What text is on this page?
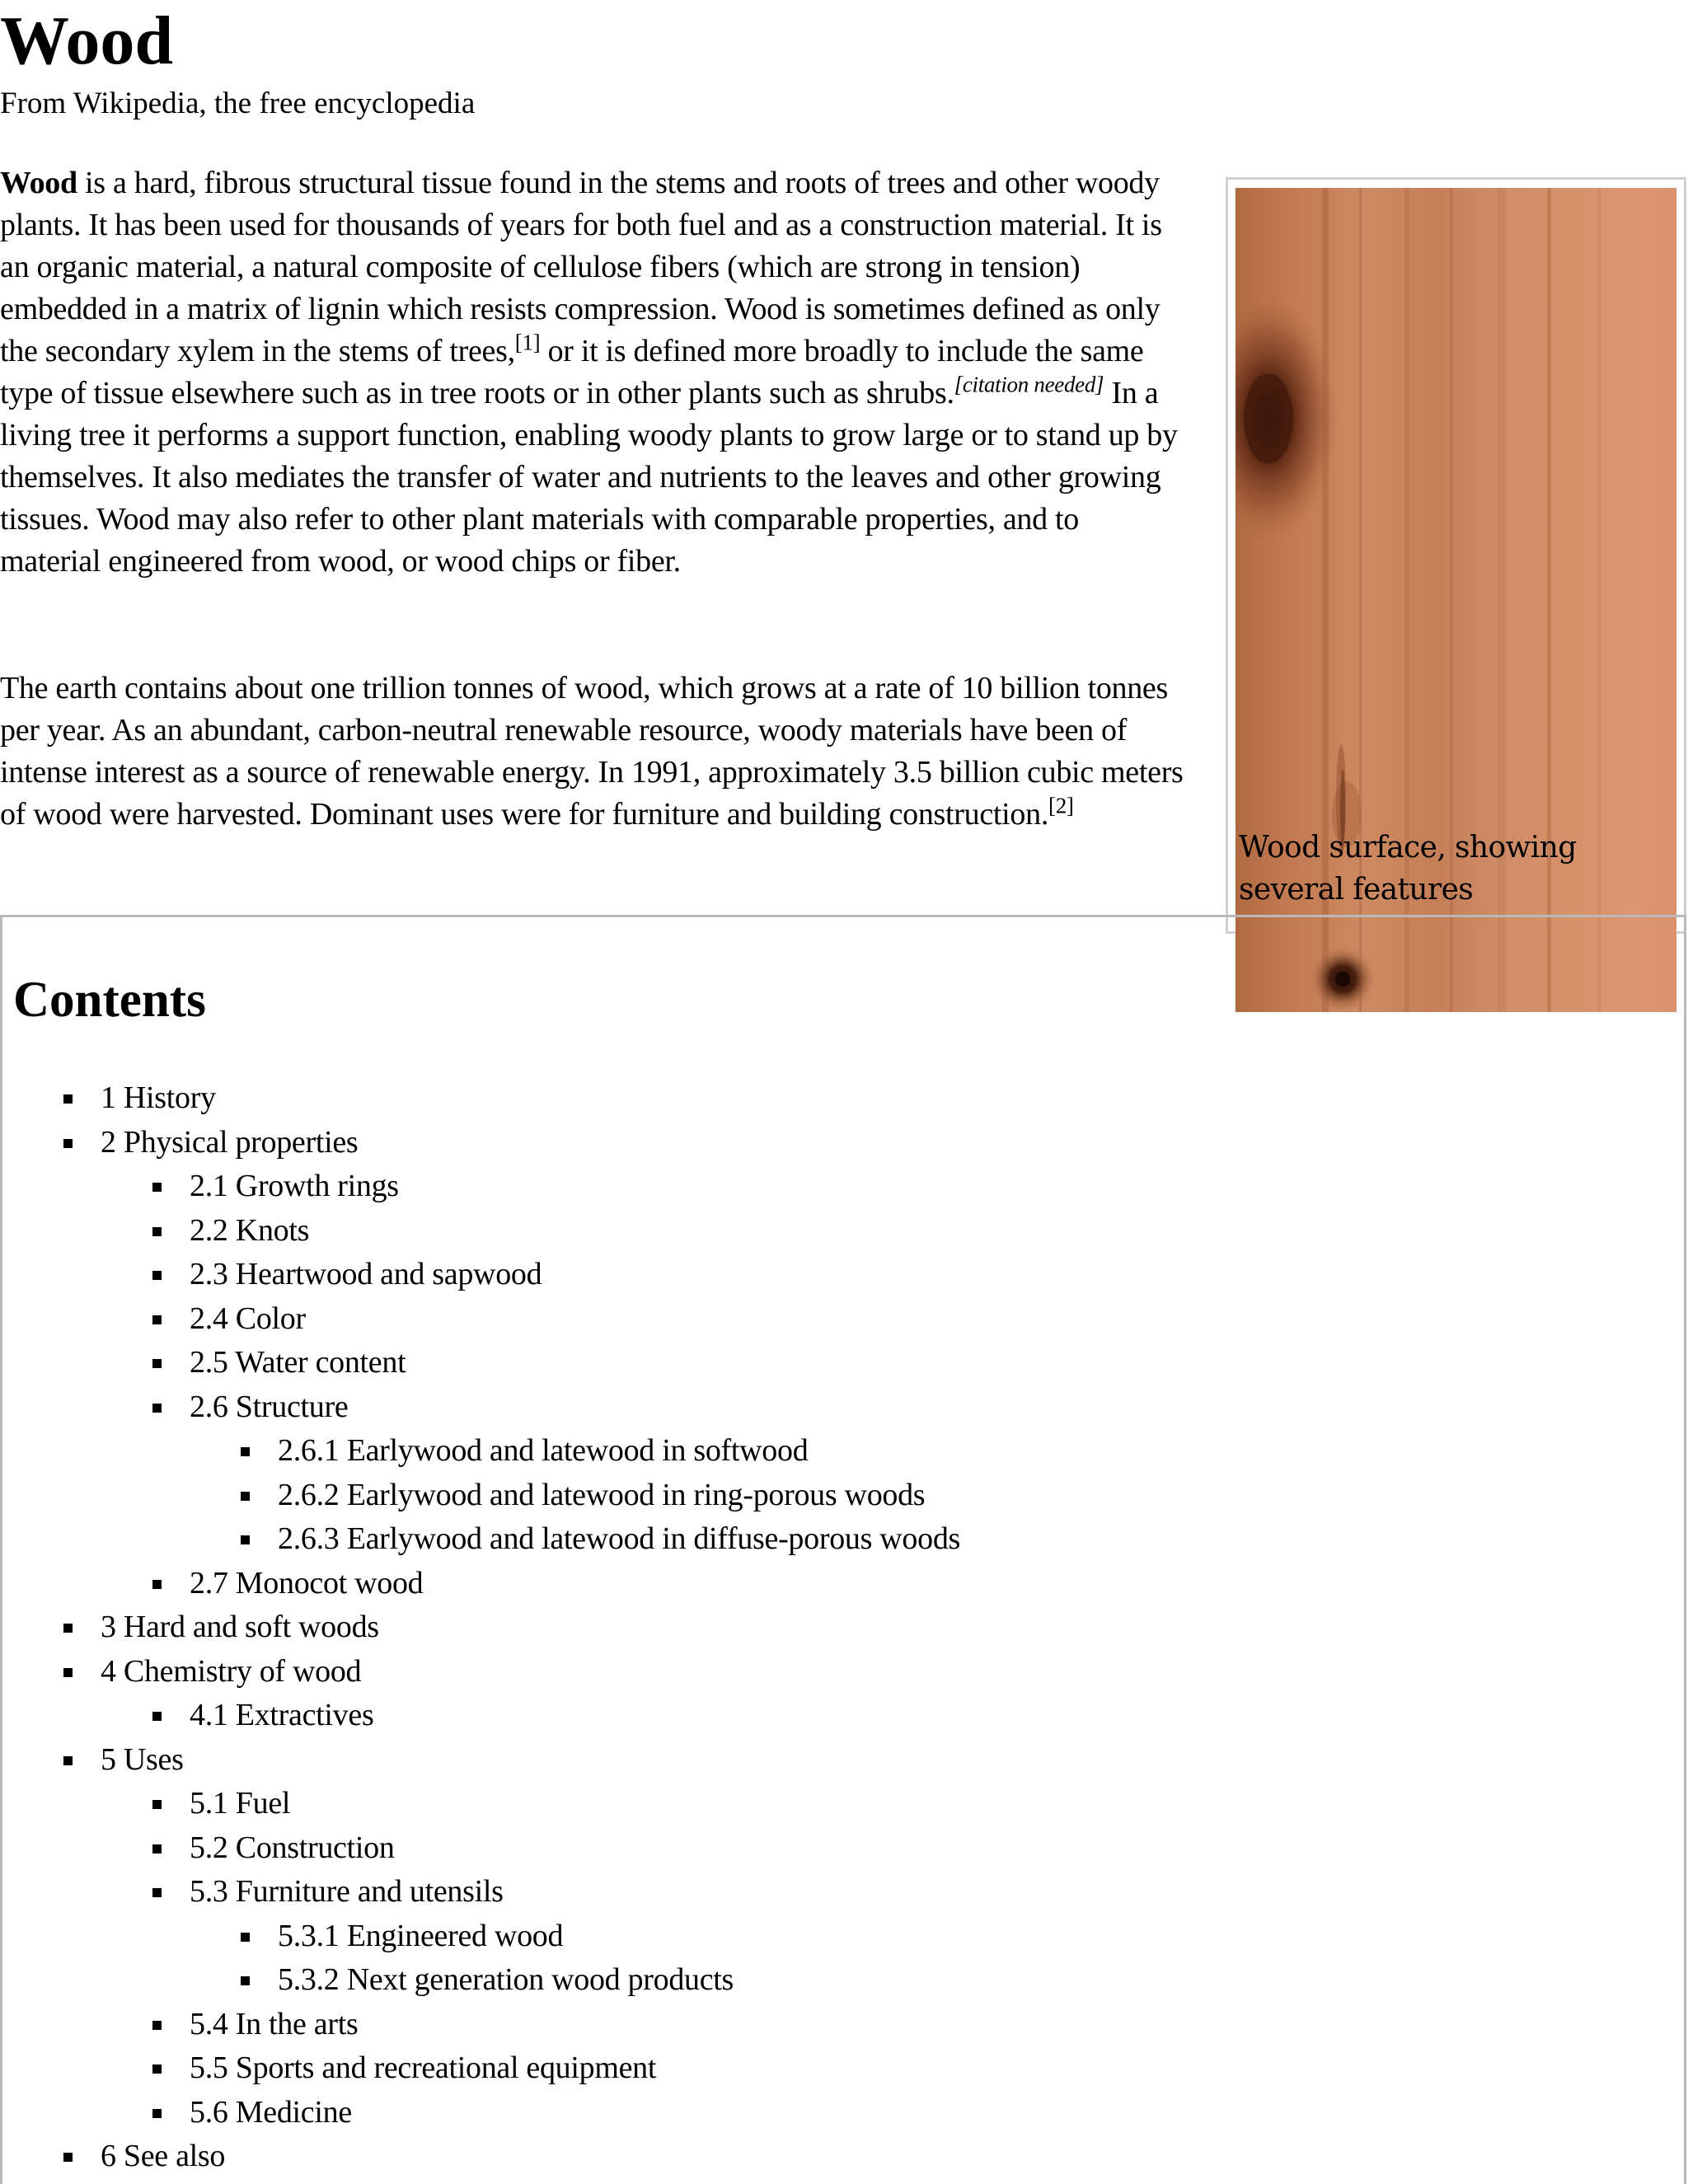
Wood
From Wikipedia, the free encyclopedia

Wood is a hard, fibrous structural tissue found in the stems and roots of trees and other woody plants. It has been used for thousands of years for both fuel and as a construction material. It is an organic material, a natural composite of cellulose fibers (which are strong in tension) embedded in a matrix of lignin which resists compression. Wood is sometimes defined as only the secondary xylem in the stems of trees,[1] or it is defined more broadly to include the same type of tissue elsewhere such as in tree roots or in other plants such as shrubs.[citation needed] In a living tree it performs a support function, enabling woody plants to grow large or to stand up by themselves. It also mediates the transfer of water and nutrients to the leaves and other growing tissues. Wood may also refer to other plant materials with comparable properties, and to material engineered from wood, or wood chips or fiber.

The earth contains about one trillion tonnes of wood, which grows at a rate of 10 billion tonnes per year. As an abundant, carbon-neutral renewable resource, woody materials have been of intense interest as a source of renewable energy. In 1991, approximately 3.5 billion cubic meters of wood were harvested. Dominant uses were for furniture and building construction.[2]

Wood surface, showing several features
Contents
1 History
2 Physical properties
2.1 Growth rings
2.2 Knots
2.3 Heartwood and sapwood
2.4 Color
2.5 Water content
2.6 Structure
2.6.1 Earlywood and latewood in softwood
2.6.2 Earlywood and latewood in ring-porous woods
2.6.3 Earlywood and latewood in diffuse-porous woods
2.7 Monocot wood
3 Hard and soft woods
4 Chemistry of wood
4.1 Extractives
5 Uses
5.1 Fuel
5.2 Construction
5.3 Furniture and utensils
5.3.1 Engineered wood
5.3.2 Next generation wood products
5.4 In the arts
5.5 Sports and recreational equipment
5.6 Medicine
6 See also
